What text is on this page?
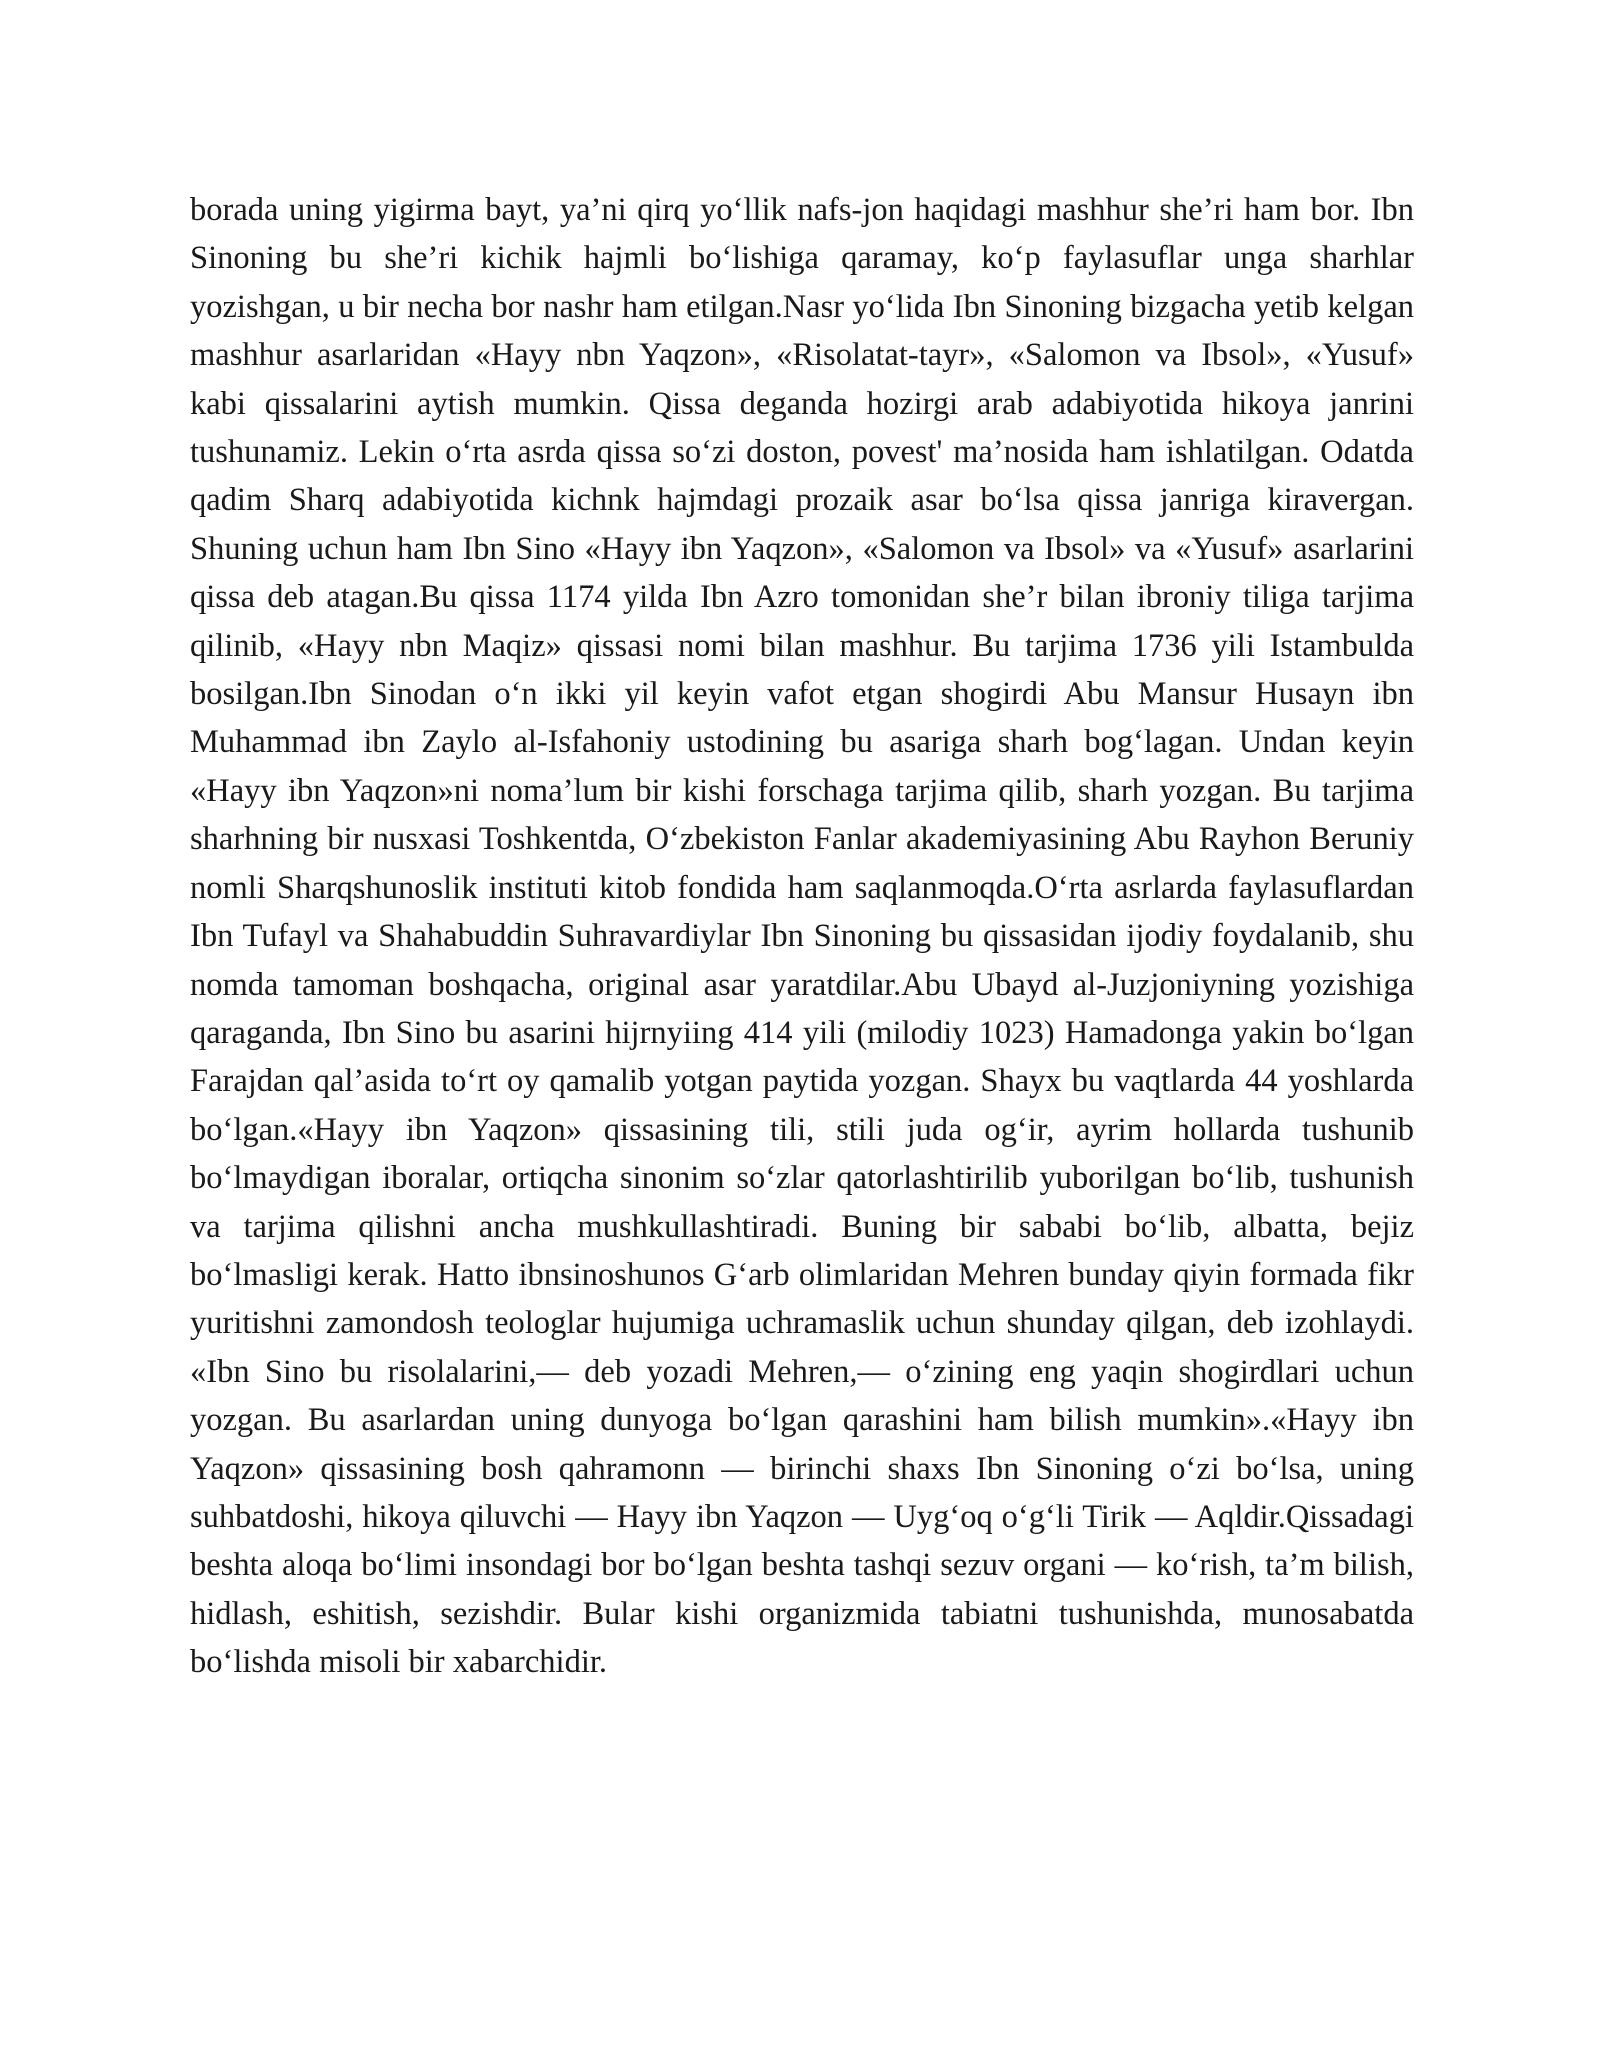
borada uning yigirma bayt, ya’ni qirq yo‘llik nafs-jon haqidagi mashhur she’ri ham bor. Ibn Sinoning bu she’ri kichik hajmli bo‘lishiga qaramay, ko‘p faylasuflar unga sharhlar yozishgan, u bir necha bor nashr ham etilgan.Nasr yo‘lida Ibn Sinoning bizgacha yetib kelgan mashhur asarlaridan «Hayy nbn Yaqzon», «Risolatat-tayr», «Salomon va Ibsol», «Yusuf» kabi qissalarini aytish mumkin. Qissa deganda hozirgi arab adabiyotida hikoya janrini tushunamiz. Lekin o‘rta asrda qissa so‘zi doston, povest' ma’nosida ham ishlatilgan. Odatda qadim Sharq adabiyotida kichnk hajmdagi prozaik asar bo‘lsa qissa janriga kiravergan. Shuning uchun ham Ibn Sino «Hayy ibn Yaqzon», «Salomon va Ibsol» va «Yusuf» asarlarini qissa deb atagan.Bu qissa 1174 yilda Ibn Azro tomonidan she’r bilan ibroniy tiliga tarjima qilinib, «Hayy nbn Maqiz» qissasi nomi bilan mashhur. Bu tarjima 1736 yili Istambulda bosilgan.Ibn Sinodan o‘n ikki yil keyin vafot etgan shogirdi Abu Mansur Husayn ibn Muhammad ibn Zaylo al-Isfahoniy ustodining bu asariga sharh bog‘lagan. Undan keyin «Hayy ibn Yaqzon»ni noma’lum bir kishi forschaga tarjima qilib, sharh yozgan. Bu tarjima sharhning bir nusxasi Toshkentda, O‘zbekiston Fanlar akademiyasining Abu Rayhon Beruniy nomli Sharqshunoslik instituti kitob fondida ham saqlanmoqda.O‘rta asrlarda faylasuflardan Ibn Tufayl va Shahabuddin Suhravardiylar Ibn Sinoning bu qissasidan ijodiy foydalanib, shu nomda tamoman boshqacha, original asar yaratdilar.Abu Ubayd al-Juzjoniyning yozishiga qaraganda, Ibn Sino bu asarini hijrnyiing 414 yili (milodiy 1023) Hamadonga yakin bo‘lgan Farajdan qal’asida to‘rt oy qamalib yotgan paytida yozgan. Shayx bu vaqtlarda 44 yoshlarda bo‘lgan.«Hayy ibn Yaqzon» qissasining tili, stili juda og‘ir, ayrim hollarda tushunib bo‘lmaydigan iboralar, ortiqcha sinonim so‘zlar qatorlashtirilib yuborilgan bo‘lib, tushunish va tarjima qilishni ancha mushkullashtiradi. Buning bir sababi bo‘lib, albatta, bejiz bo‘lmasligi kerak. Hatto ibnsinoshunos G‘arb olimlaridan Mehren bunday qiyin formada fikr yuritishni zamondosh teologlar hujumiga uchramaslik uchun shunday qilgan, deb izohlaydi. «Ibn Sino bu risolalarini,— deb yozadi Mehren,— o‘zining eng yaqin shogirdlari uchun yozgan. Bu asarlardan uning dunyoga bo‘lgan qarashini ham bilish mumkin».«Hayy ibn Yaqzon» qissasining bosh qahramonn — birinchi shaxs Ibn Sinoning o‘zi bo‘lsa, uning suhbatdoshi, hikoya qiluvchi — Hayy ibn Yaqzon — Uyg‘oq o‘g‘li Tirik — Aqldir.Qissadagi beshta aloqa bo‘limi insondagi bor bo‘lgan beshta tashqi sezuv organi — ko‘rish, ta’m bilish, hidlash, eshitish, sezishdir. Bular kishi organizmida tabiatni tushunishda, munosabatda bo‘lishda misoli bir xabarchidir.
